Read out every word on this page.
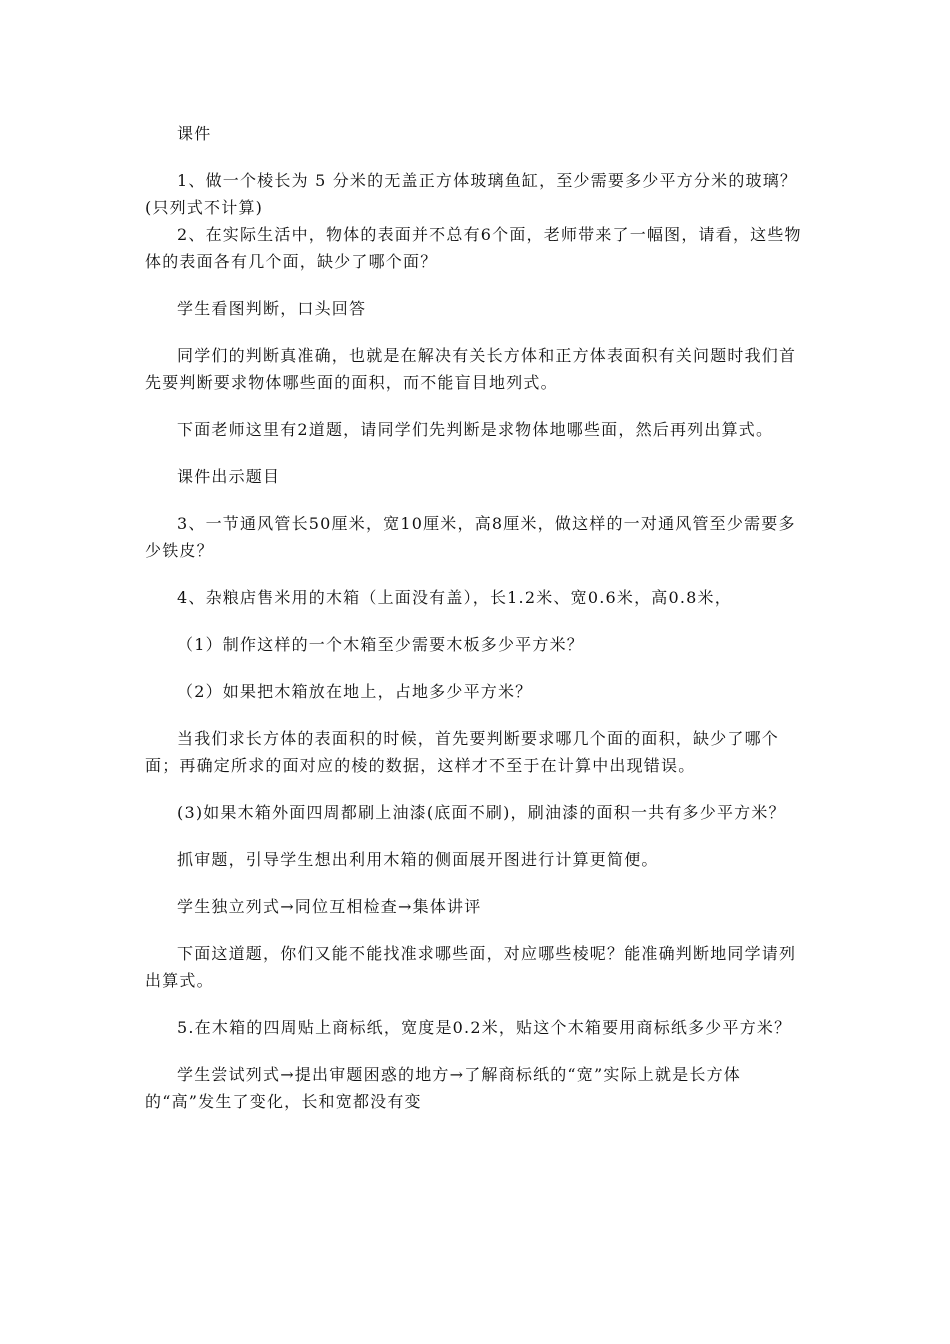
课件

1、做一个棱长为 5 分米的无盖正方体玻璃鱼缸，至少需要多少平方分米的玻璃？(只列式不计算)

2、在实际生活中，物体的表面并不总有6个面，老师带来了一幅图，请看，这些物体的表面各有几个面，缺少了哪个面？

学生看图判断，口头回答

同学们的判断真准确，也就是在解决有关长方体和正方体表面积有关问题时我们首先要判断要求物体哪些面的面积，而不能盲目地列式。

下面老师这里有2道题，请同学们先判断是求物体地哪些面，然后再列出算式。

课件出示题目

3、一节通风管长50厘米，宽10厘米，高8厘米，做这样的一对通风管至少需要多少铁皮？

4、杂粮店售米用的木箱（上面没有盖），长1.2米、宽0.6米，高0.8米，

（1）制作这样的一个木箱至少需要木板多少平方米？

（2）如果把木箱放在地上，占地多少平方米？

当我们求长方体的表面积的时候，首先要判断要求哪几个面的面积，缺少了哪个面；再确定所求的面对应的棱的数据，这样才不至于在计算中出现错误。

(3)如果木箱外面四周都刷上油漆(底面不刷)，刷油漆的面积一共有多少平方米？

抓审题，引导学生想出利用木箱的侧面展开图进行计算更简便。

学生独立列式→同位互相检查→集体讲评

下面这道题，你们又能不能找准求哪些面，对应哪些棱呢？能准确判断地同学请列出算式。

5.在木箱的四周贴上商标纸，宽度是0.2米，贴这个木箱要用商标纸多少平方米？

学生尝试列式→提出审题困惑的地方→了解商标纸的“宽”实际上就是长方体的“高”发生了变化，长和宽都没有变
